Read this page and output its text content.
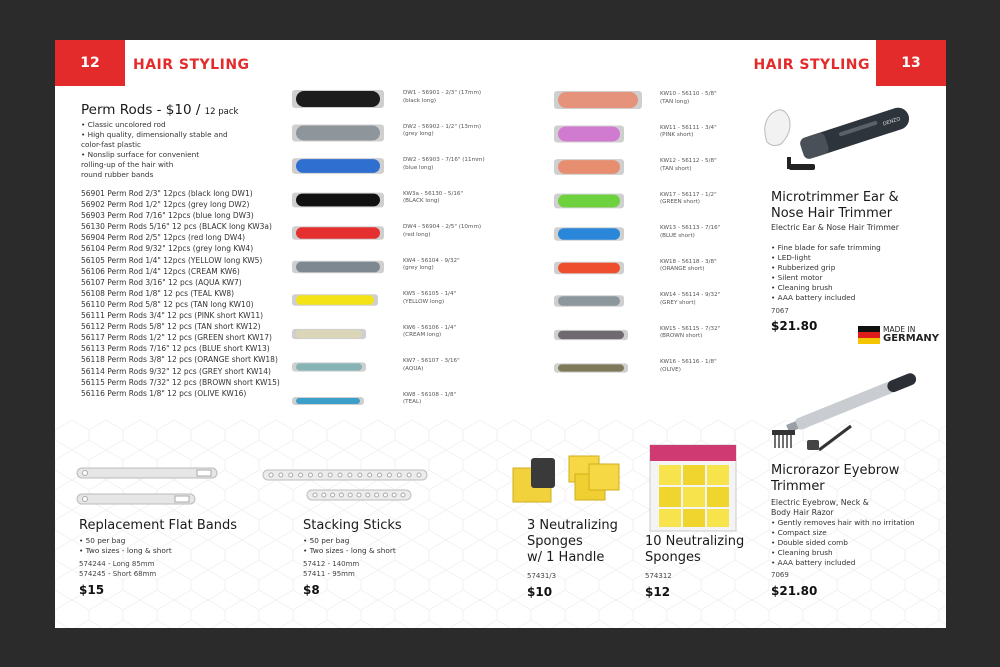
12	HAIR STYLING	HAIR STYLING	13
Perm Rods - $10 / 12 pack
• Classic uncolored rod
• High quality, dimensionally stable and
color-fast plastic
• Nonslip surface for convenient
rolling-up of the hair with
round rubber bands
56901 Perm Rod 2/3" 12pcs (black long DW1)
56902 Perm Rod 1/2" 12pcs (grey long DW2)
56903 Perm Rod 7/16" 12pcs (blue long DW3)
56130 Perm Rods 5/16" 12 pcs (BLACK long KW3a)
56904 Perm Rod 2/5" 12pcs (red long DW4)
56104 Perm Rod 9/32" 12pcs (grey long KW4)
56105 Perm Rod 1/4" 12pcs (YELLOW long KW5)
56106 Perm Rod 1/4" 12pcs (CREAM KW6)
56107 Perm Rod 3/16" 12 pcs (AQUA KW7)
56108 Perm Rod 1/8" 12 pcs (TEAL KW8)
56110 Perm Rod 5/8" 12 pcs (TAN long KW10)
56111 Perm Rods 3/4" 12 pcs (PINK short KW11)
56112 Perm Rods 5/8" 12 pcs (TAN short KW12)
56117 Perm Rods 1/2" 12 pcs (GREEN short KW17)
56113 Perm Rods 7/16" 12 pcs (BLUE short KW13)
56118 Perm Rods 3/8" 12 pcs (ORANGE short KW18)
56114 Perm Rods 9/32" 12 pcs (GREY short KW14)
56115 Perm Rods 7/32" 12 pcs (BROWN short KW15)
56116 Perm Rods 1/8" 12 pcs (OLIVE KW16)
DW1 - 56901 - 2/3" (17mm)
(black long)
DW2 - 56902 - 1/2" (13mm)
(grey long)
DW2 - 56903 - 7/16" (11mm)
(blue long)
KW3a - 56130 - 5/16"
(BLACK long)
DW4 - 56904 - 2/5" (10mm)
(red long)
KW4 - 56104 - 9/32"
(grey long)
KW5 - 56105 - 1/4"
(YELLOW long)
KW6 - 56106 - 1/4"
(CREAM long)
KW7 - 56107 - 3/16"
(AQUA)
KW8 - 56108 - 1/8"
(TEAL)
KW10 - 56110 - 5/8"
(TAN long)
KW11 - 56111 - 3/4"
(PINK short)
KW12 - 56112 - 5/8"
(TAN short)
KW17 - 56117 - 1/2"
(GREEN short)
KW13 - 56113 - 7/16"
(BLUE short)
KW18 - 56118 - 3/8"
(ORANGE short)
KW14 - 56114 - 9/32"
(GREY short)
KW15 - 56115 - 7/32"
(BROWN short)
KW16 - 56116 - 1/8"
(OLIVE)
DENZO
Microtrimmer Ear &
Nose Hair Trimmer
Electric Ear & Nose Hair Trimmer
• Fine blade for safe trimming
• LED-light
• Rubberized grip
• Silent motor
• Cleaning brush
• AAA battery included
7067
$21.80	MADE IN
GERMANY
Microrazor Eyebrow
Trimmer
Electric Eyebrow, Neck &
Body Hair Razor
• Gently removes hair with no irritation
• Compact size
• Double sided comb
• Cleaning brush
• AAA battery included
7069
$21.80
Replacement Flat Bands
• 50 per bag
• Two sizes - long & short
574244 - Long 85mm
574245 - Short 68mm
$15
Stacking Sticks
• 50 per bag
• Two sizes - long & short
57412 - 140mm
57411 - 95mm
$8
3 Neutralizing
Sponges
w/ 1 Handle
57431/3
$10
10 Neutralizing
Sponges
574312
$12
